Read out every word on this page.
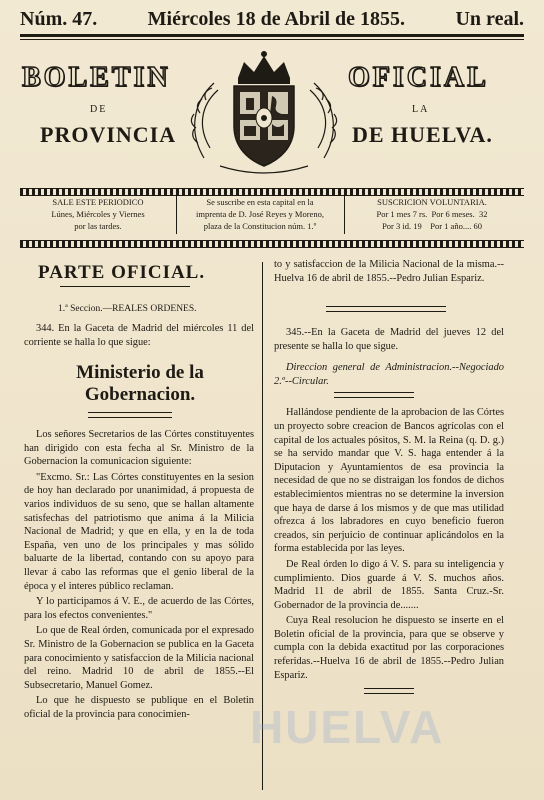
Núm. 47.	Miércoles 18 de Abril de 1855.	Un real.
BOLETIN	OFICIAL
DE	LA
PROVINCIA	DE HUELVA.
SALE ESTE PERIODICO
Lúnes, Miércoles y Viernes
por las tardes.
Se suscribe en esta capital en la
imprenta de D. José Reyes y Moreno,
plaza de la Constitucion núm. 1.º
SUSCRICION VOLUNTARIA.
Por 1 mes 7 rs.  Por 6 meses.  32
Por 3 id. 19    Por 1 año.... 60
PARTE OFICIAL.
1.ª Seccion.—REALES ORDENES.

344. En la Gaceta de Madrid del miércoles 11 del corriente se halla lo que sigue:

Ministerio de la Gobernacion.

Los señores Secretarios de las Córtes constituyentes han dirigido con esta fecha al Sr. Ministro de la Gobernacion la comunicacion siguiente:

"Excmo. Sr.: Las Córtes constituyentes en la sesion de hoy han declarado por unanimidad, á propuesta de varios individuos de su seno, que se hallan altamente satisfechas del patriotismo que anima á la Milicia Nacional de Madrid; y que en ella, y en la de toda España, ven uno de los principales y mas sólido baluarte de la libertad, contando con su apoyo para llevar á cabo las reformas que el genio liberal de la época y el interes público reclaman.

Y lo participamos á V. E., de acuerdo de las Córtes, para los efectos convenientes."

Lo que de Real órden, comunicada por el expresado Sr. Ministro de la Gobernacion se publica en la Gaceta para conocimiento y satisfaccion de la Milicia nacional del reino. Madrid 10 de abril de 1855.--El Subsecretario, Manuel Gomez.

Lo que he dispuesto se publique en el Boletin oficial de la provincia para conocimien-

to y satisfaccion de la Milicia Nacional de la misma.--Huelva 16 de abril de 1855.--Pedro Julian Espariz.

345.--En la Gaceta de Madrid del jueves 12 del presente se halla lo que sigue.

Direccion general de Administracion.--Negociado 2.º--Circular.

Hallándose pendiente de la aprobacion de las Córtes un proyecto sobre creacion de Bancos agrícolas con el capital de los actuales pósitos, S. M. la Reina (q. D. g.) se ha servido mandar que V. S. haga entender á la Diputacion y Ayuntamientos de esa provincia la necesidad de que no se distraigan los fondos de dichos establecimientos mientras no se determine la inversion que haya de darse á los mismos y de que mas utilidad ofrezca á los labradores en cuyo beneficio fueron creados, sin perjuicio de continuar aplicándolos en la forma establecida por las leyes.

De Real órden lo digo á V. S. para su inteligencia y cumplimiento. Dios guarde á V. S. muchos años. Madrid 11 de abril de 1855. Santa Cruz.-Sr. Gobernador de la provincia de.......

Cuya Real resolucion he dispuesto se inserte en el Boletin oficial de la provincia, para que se observe y cumpla con la debida exactitud por las corporaciones referidas.--Huelva 16 de abril de 1855.--Pedro Julian Espariz.

HUELVA
